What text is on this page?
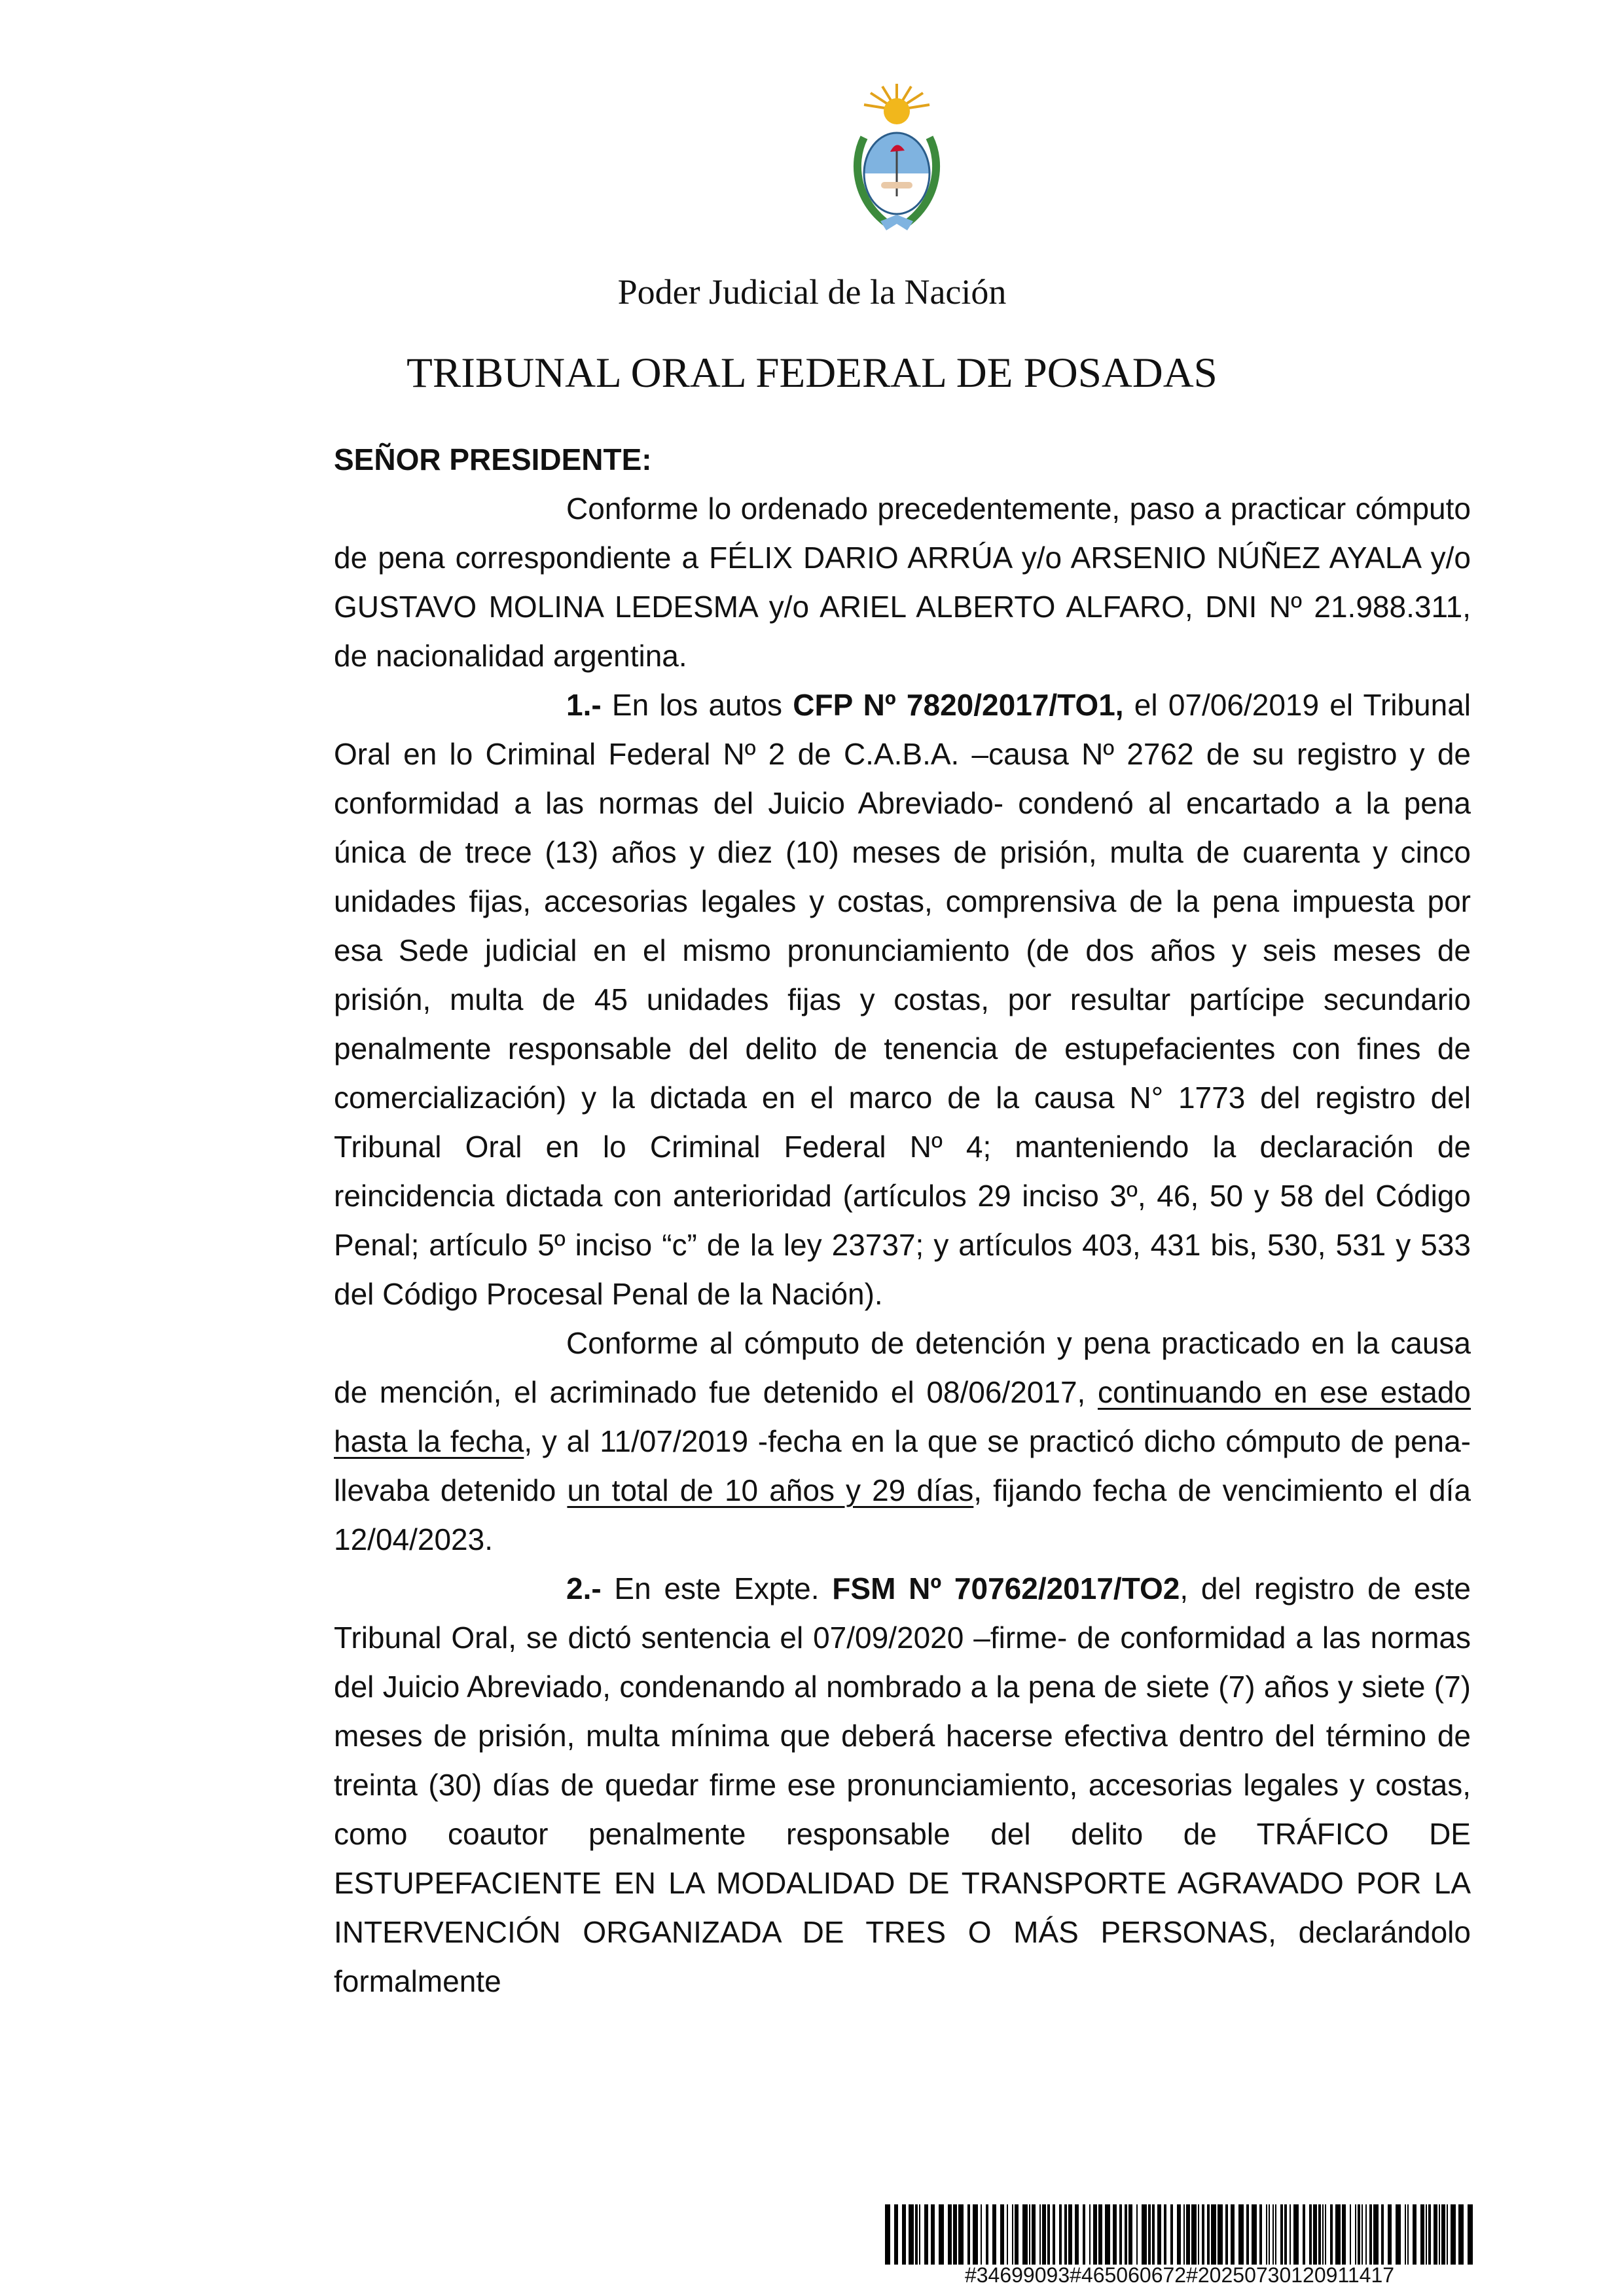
Poder Judicial de la Nación
TRIBUNAL ORAL FEDERAL DE POSADAS

SEÑOR PRESIDENTE:

Conforme lo ordenado precedentemente, paso a practicar cómputo de pena correspondiente a FÉLIX DARIO ARRÚA y/o ARSENIO NÚÑEZ AYALA y/o GUSTAVO MOLINA LEDESMA y/o ARIEL ALBERTO ALFARO, DNI Nº 21.988.311, de nacionalidad argentina.

1.- En los autos CFP Nº 7820/2017/TO1, el 07/06/2019 el Tribunal Oral en lo Criminal Federal Nº 2 de C.A.B.A. –causa Nº 2762 de su registro y de conformidad a las normas del Juicio Abreviado- condenó al encartado a la pena única de trece (13) años y diez (10) meses de prisión, multa de cuarenta y cinco unidades fijas, accesorias legales y costas, comprensiva de la pena impuesta por esa Sede judicial en el mismo pronunciamiento (de dos años y seis meses de prisión, multa de 45 unidades fijas y costas, por resultar partícipe secundario penalmente responsable del delito de tenencia de estupefacientes con fines de comercialización) y la dictada en el marco de la causa N° 1773 del registro del Tribunal Oral en lo Criminal Federal Nº 4; manteniendo la declaración de reincidencia dictada con anterioridad (artículos 29 inciso 3º, 46, 50 y 58 del Código Penal; artículo 5º inciso “c” de la ley 23737; y artículos 403, 431 bis, 530, 531 y 533 del Código Procesal Penal de la Nación).

Conforme al cómputo de detención y pena practicado en la causa de mención, el acriminado fue detenido el 08/06/2017, continuando en ese estado hasta la fecha, y al 11/07/2019 -fecha en la que se practicó dicho cómputo de pena- llevaba detenido un total de 10 años y 29 días, fijando fecha de vencimiento el día 12/04/2023.

2.- En este Expte. FSM Nº 70762/2017/TO2, del registro de este Tribunal Oral, se dictó sentencia el 07/09/2020 –firme- de conformidad a las normas del Juicio Abreviado, condenando al nombrado a la pena de siete (7) años y siete (7) meses de prisión, multa mínima que deberá hacerse efectiva dentro del término de treinta (30) días de quedar firme ese pronunciamiento, accesorias legales y costas, como coautor penalmente responsable del delito de TRÁFICO DE ESTUPEFACIENTE EN LA MODALIDAD DE TRANSPORTE AGRAVADO POR LA INTERVENCIÓN ORGANIZADA DE TRES O MÁS PERSONAS, declarándolo formalmente

#34699093#465060672#20250730120911417
